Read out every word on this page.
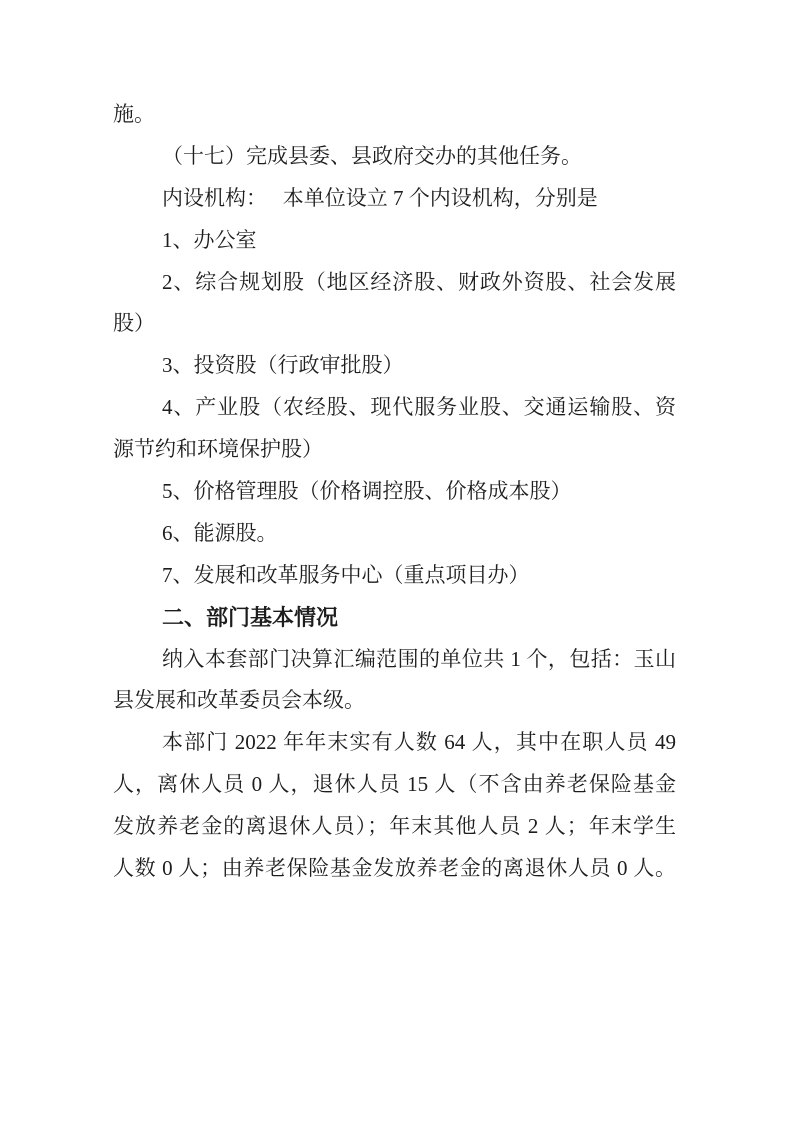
施。
（十七）完成县委、县政府交办的其他任务。
内设机构：　 本单位设立 7 个内设机构，分别是
1、办公室
2、综合规划股（地区经济股、财政外资股、社会发展
股）
3、投资股（行政审批股）
4、产业股（农经股、现代服务业股、交通运输股、资
源节约和环境保护股）
5、价格管理股（价格调控股、价格成本股）
6、能源股。
7、发展和改革服务中心（重点项目办）
二、部门基本情况
纳入本套部门决算汇编范围的单位共 1 个，包括：玉山
县发展和改革委员会本级。
本部门 2022 年年末实有人数 64 人，其中在职人员 49
人，离休人员 0 人，退休人员 15 人（不含由养老保险基金
发放养老金的离退休人员）；年末其他人员 2 人；年末学生
人数 0 人；由养老保险基金发放养老金的离退休人员 0 人。
